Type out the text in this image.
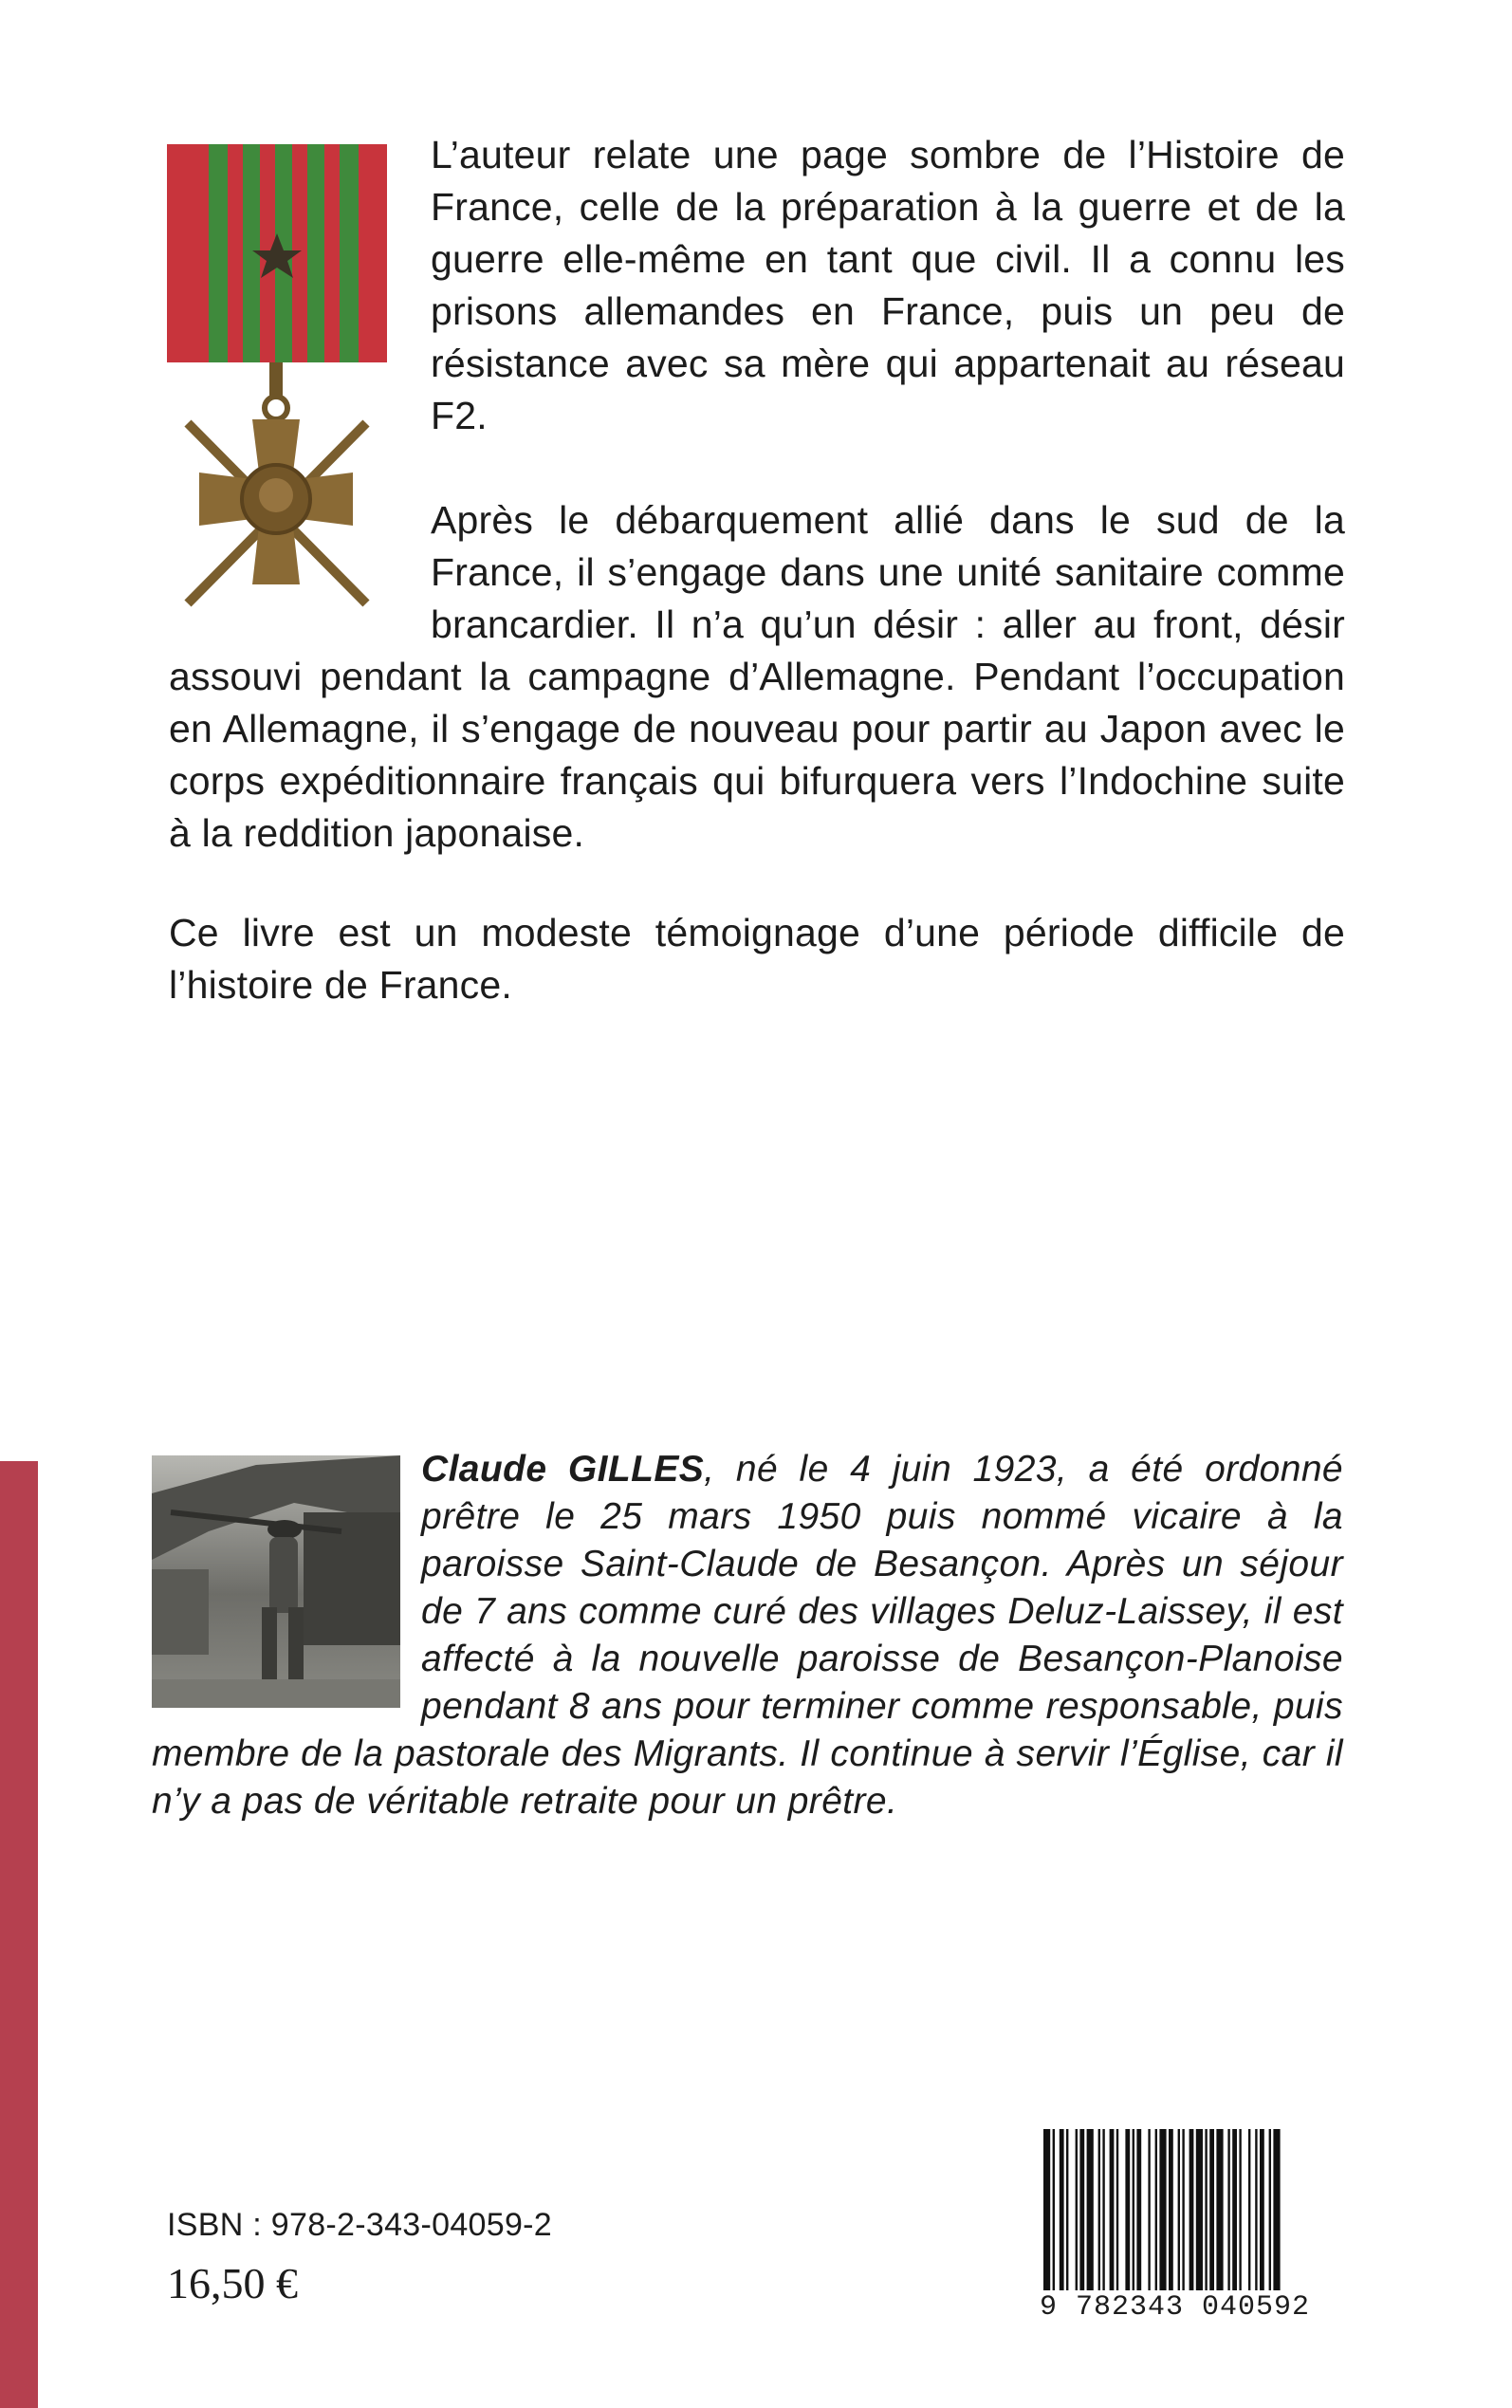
L’auteur relate une page sombre de l’Histoire de France, celle de la préparation à la guerre et de la guerre elle-même en tant que civil. Il a connu les prisons allemandes en France, puis un peu de résistance avec sa mère qui appartenait au réseau F2.

Après le débarquement allié dans le sud de la France, il s’engage dans une unité sanitaire comme brancardier. Il n’a qu’un désir : aller au front, désir assouvi pendant la campagne d’Allemagne. Pendant l’occupation en Allemagne, il s’engage de nouveau pour partir au Japon avec le corps expéditionnaire français qui bifurquera vers l’Indochine suite à la reddition japonaise.

Ce livre est un modeste témoignage d’une période difficile de l’histoire de France.

Claude GILLES, né le 4 juin 1923, a été ordonné prêtre le 25 mars 1950 puis nommé vicaire à la paroisse Saint-Claude de Besançon. Après un séjour de 7 ans comme curé des villages Deluz-Laissey, il est affecté à la nouvelle paroisse de Besançon-Planoise pendant 8 ans pour terminer comme responsable, puis membre de la pastorale des Migrants. Il continue à servir l’Église, car il n’y a pas de véritable retraite pour un prêtre.
ISBN : 978-2-343-04059-2
16,50 €	9 782343 040592
